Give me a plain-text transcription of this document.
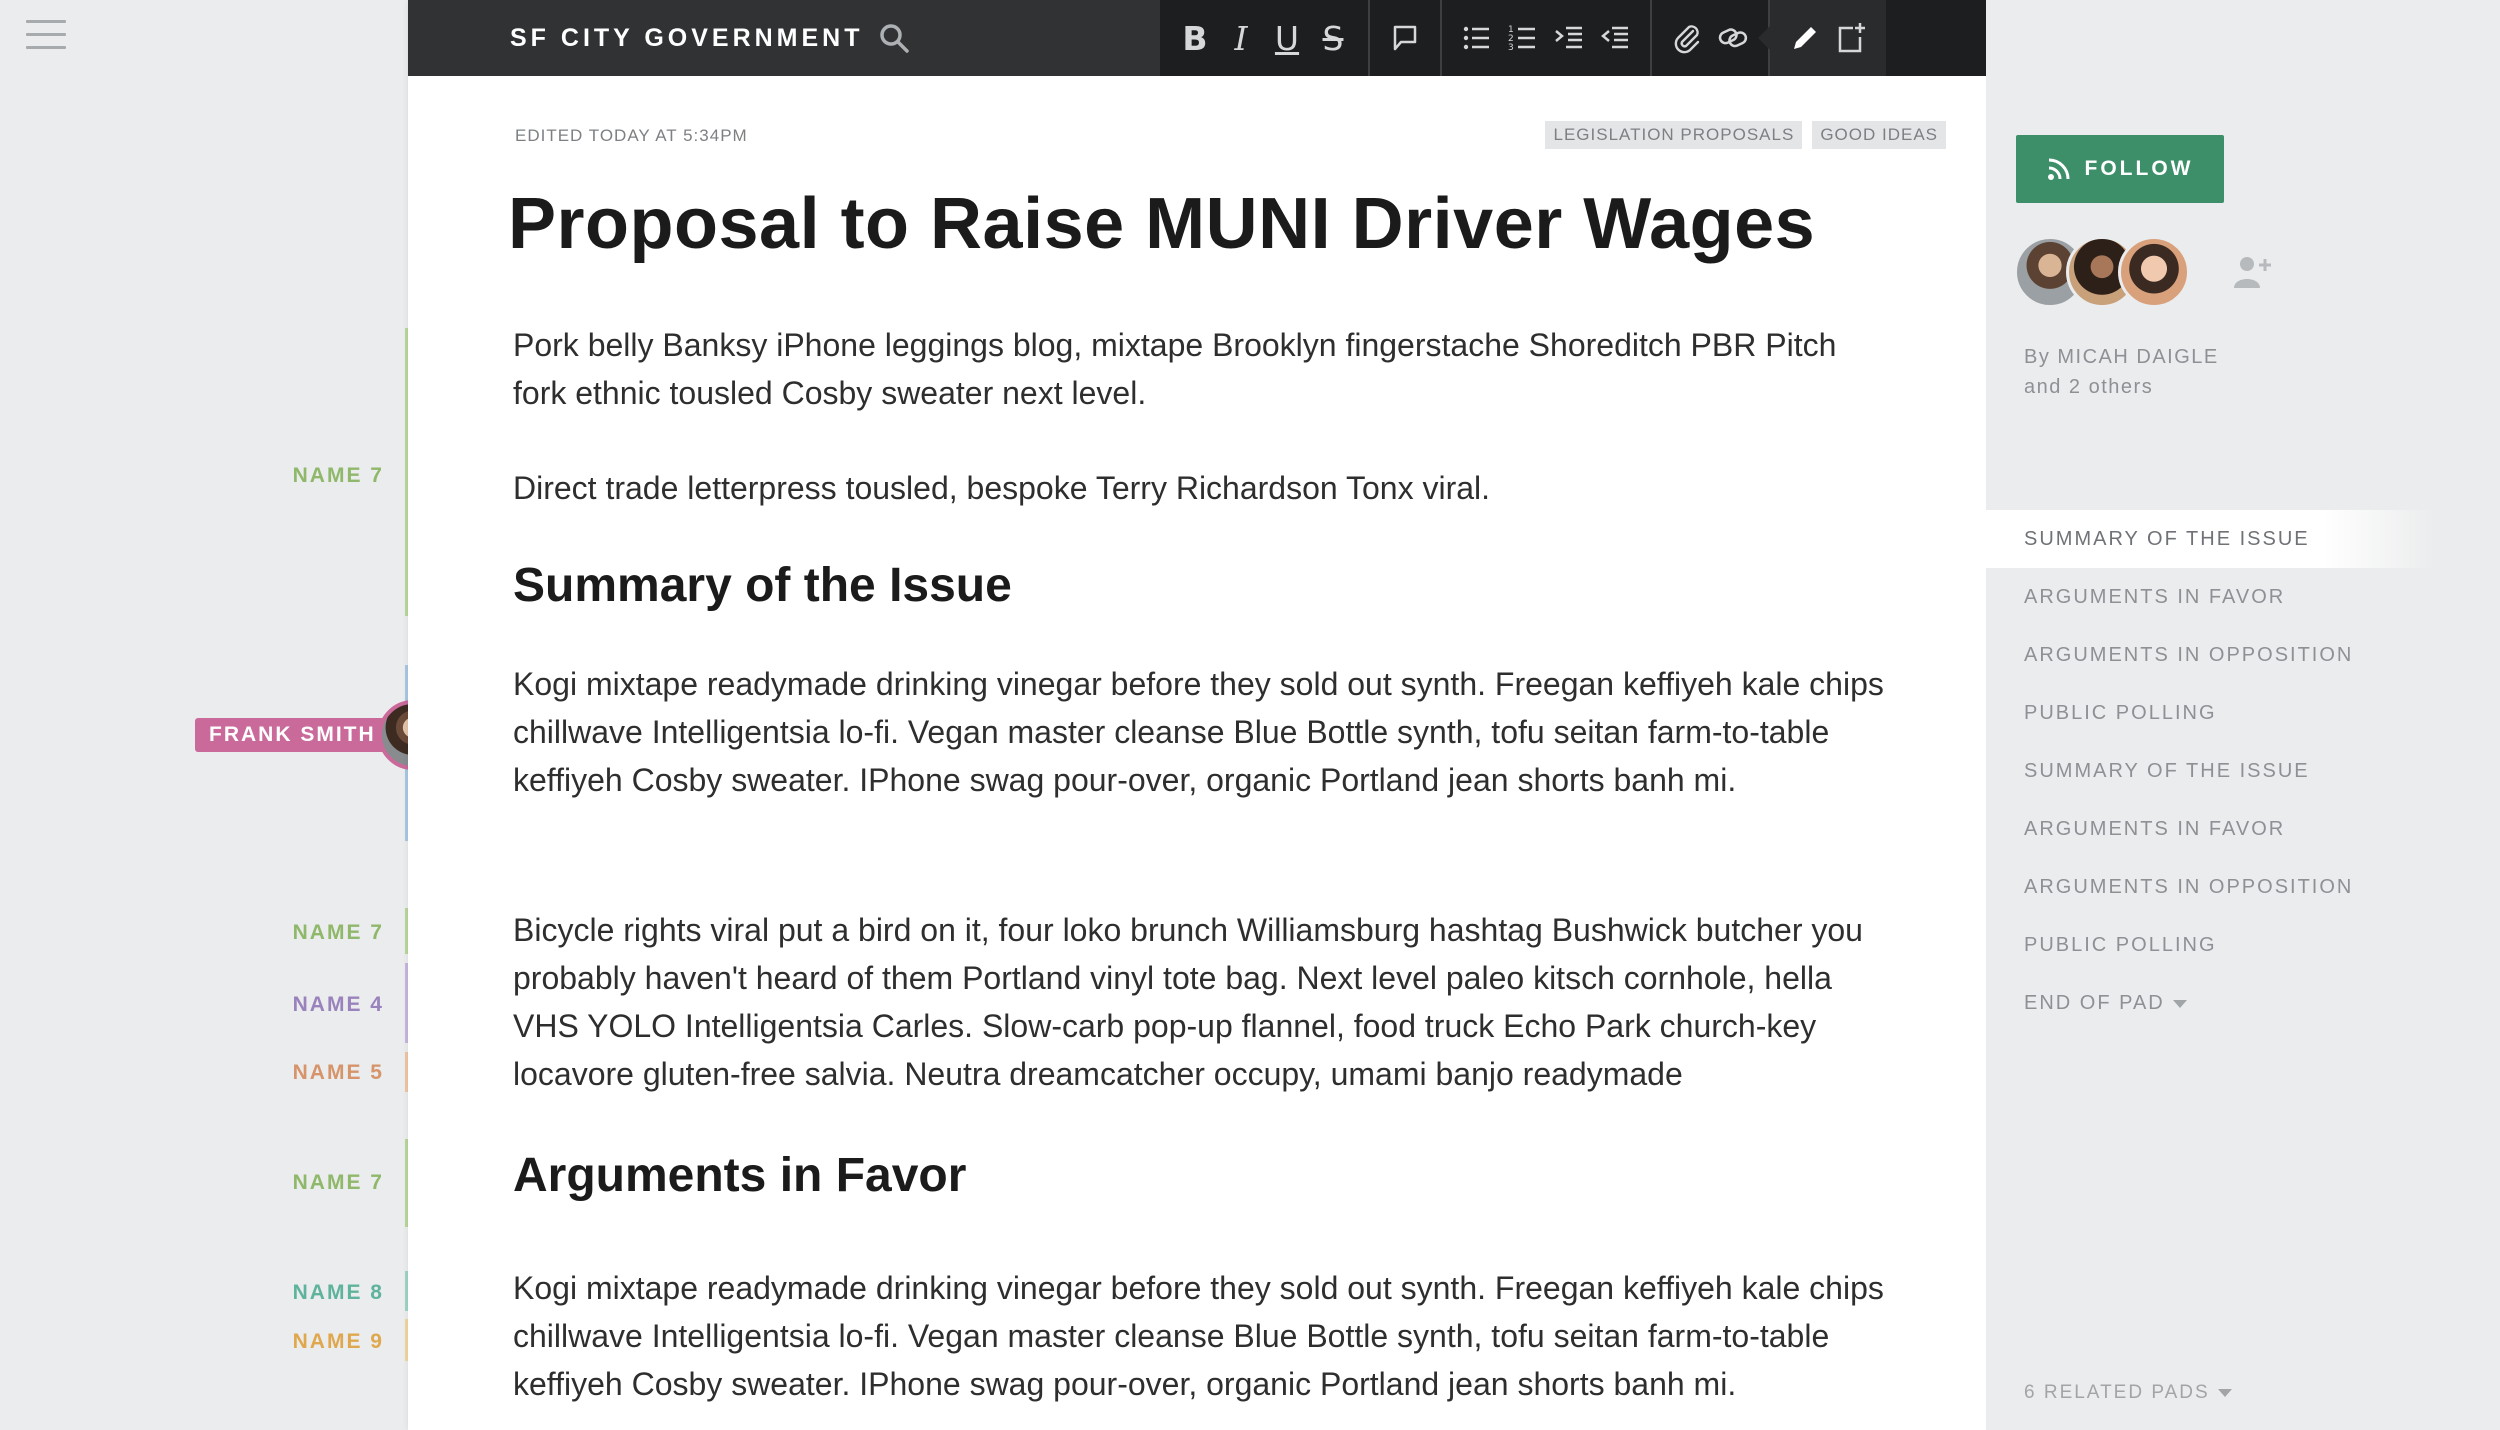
NAME 7
FRANK SMITH
NAME 7
NAME 4
NAME 5
NAME 7
NAME 8
NAME 9
SF CITY GOVERNMENT	B I U S	1
2
3
EDITED TODAY AT 5:34PM	LEGISLATION PROPOSALS	GOOD IDEAS
Proposal to Raise MUNI Driver Wages
Pork belly Banksy iPhone leggings blog, mixtape Brooklyn fingerstache Shoreditch PBR Pitch fork ethnic tousled Cosby sweater next level.
Direct trade letterpress tousled, bespoke Terry Richardson Tonx viral.
Summary of the Issue
Kogi mixtape readymade drinking vinegar before they sold out synth. Freegan keffiyeh kale chips chillwave Intelligentsia lo-fi. Vegan master cleanse Blue Bottle synth, tofu seitan farm-to-table keffiyeh Cosby sweater. IPhone swag pour-over, organic Portland jean shorts banh mi.
Bicycle rights viral put a bird on it, four loko brunch Williamsburg hashtag Bushwick butcher you probably haven't heard of them Portland vinyl tote bag. Next level paleo kitsch cornhole, hella VHS YOLO Intelligentsia Carles. Slow-carb pop-up flannel, food truck Echo Park church-key locavore gluten-free salvia. Neutra dreamcatcher occupy, umami banjo readymade
Arguments in Favor
Kogi mixtape readymade drinking vinegar before they sold out synth. Freegan keffiyeh kale chips chillwave Intelligentsia lo-fi. Vegan master cleanse Blue Bottle synth, tofu seitan farm-to-table keffiyeh Cosby sweater. IPhone swag pour-over, organic Portland jean shorts banh mi.
FOLLOW
By MICAH DAIGLE
and 2 others
SUMMARY OF THE ISSUE
ARGUMENTS IN FAVOR
ARGUMENTS IN OPPOSITION
PUBLIC POLLING
SUMMARY OF THE ISSUE
ARGUMENTS IN FAVOR
ARGUMENTS IN OPPOSITION
PUBLIC POLLING
END OF PAD
6 RELATED PADS
